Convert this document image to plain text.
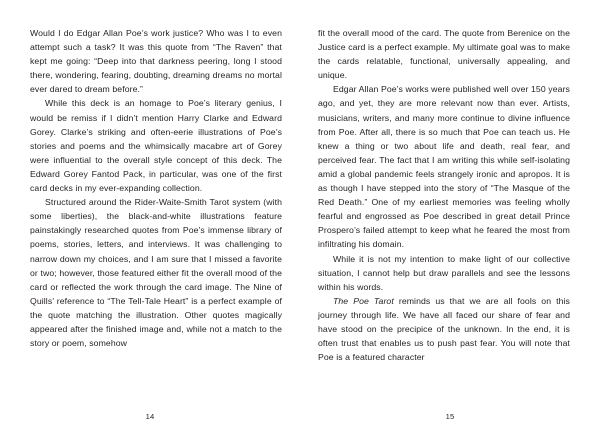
Would I do Edgar Allan Poe’s work justice? Who was I to even attempt such a task? It was this quote from “The Raven” that kept me going: “Deep into that darkness peering, long I stood there, wondering, fearing, doubting, dreaming dreams no mortal ever dared to dream before.”

While this deck is an homage to Poe’s literary genius, I would be remiss if I didn’t mention Harry Clarke and Edward Gorey. Clarke’s striking and often-eerie illustrations of Poe’s stories and poems and the whimsically macabre art of Gorey were influential to the overall style concept of this deck. The Edward Gorey Fantod Pack, in particular, was one of the first card decks in my ever-expanding collection.

Structured around the Rider-Waite-Smith Tarot system (with some liberties), the black-and-white illustrations feature painstakingly researched quotes from Poe’s immense library of poems, stories, letters, and interviews. It was challenging to narrow down my choices, and I am sure that I missed a favorite or two; however, those featured either fit the overall mood of the card or reflected the work through the card image. The Nine of Quills’ reference to “The Tell-Tale Heart” is a perfect example of the quote matching the illustration. Other quotes magically appeared after the finished image and, while not a match to the story or poem, somehow

14

fit the overall mood of the card. The quote from Berenice on the Justice card is a perfect example. My ultimate goal was to make the cards relatable, functional, universally appealing, and unique.

Edgar Allan Poe’s works were published well over 150 years ago, and yet, they are more relevant now than ever. Artists, musicians, writers, and many more continue to divine influence from Poe. After all, there is so much that Poe can teach us. He knew a thing or two about life and death, real fear, and perceived fear. The fact that I am writing this while self-isolating amid a global pandemic feels strangely ironic and apropos. It is as though I have stepped into the story of “The Masque of the Red Death.” One of my earliest memories was feeling wholly fearful and engrossed as Poe described in great detail Prince Prospero’s failed attempt to keep what he feared the most from infiltrating his domain.

While it is not my intention to make light of our collective situation, I cannot help but draw parallels and see the lessons within his words.

The Poe Tarot reminds us that we are all fools on this journey through life. We have all faced our share of fear and have stood on the precipice of the unknown. In the end, it is often trust that enables us to push past fear. You will note that Poe is a featured character

15
